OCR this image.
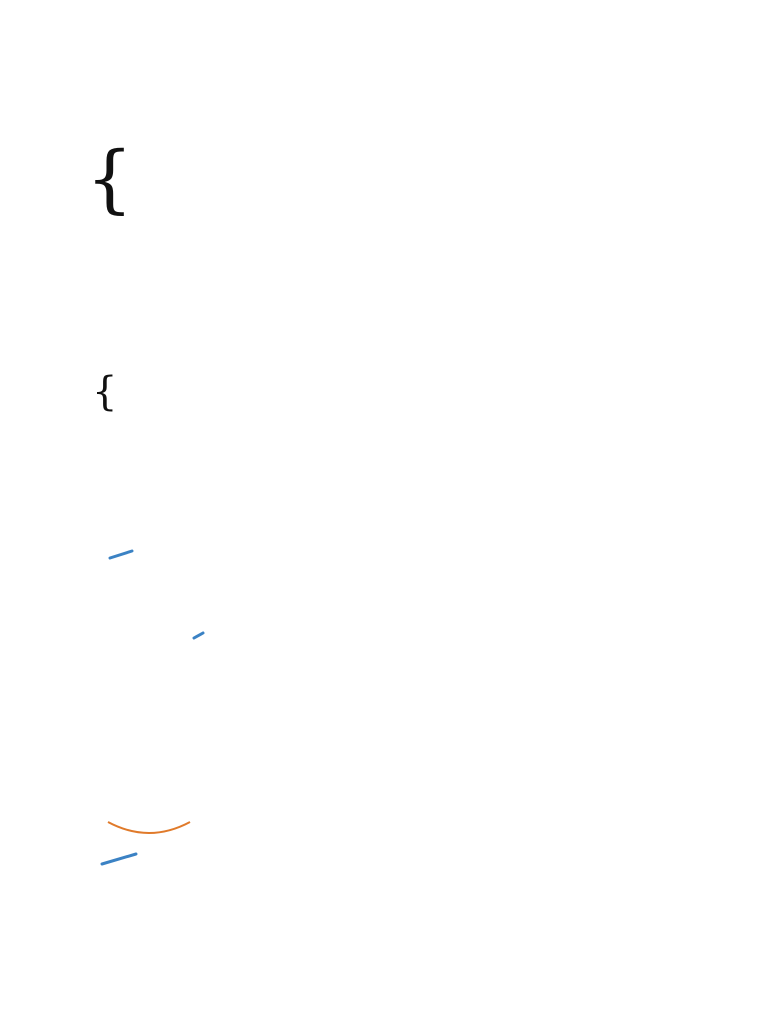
{
{
